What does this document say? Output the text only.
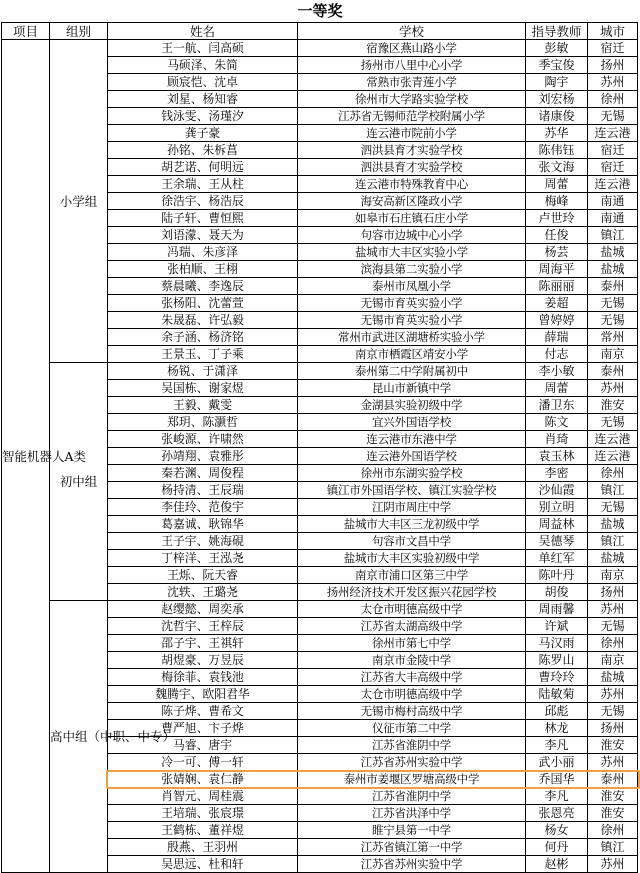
一等奖
项目	组别	姓名	学校	指导教师	城市
智能机器人A类	小学组	王一航、闫高硕	宿豫区燕山路小学	彭敏	宿迁
		马硕泽、朱简	扬州市八里中心小学	季宝俊	扬州
		顾宸恺、沈卓	常熟市张青莲小学	陶宇	苏州
		刘星、杨知睿	徐州市大学路实验学校	刘宏杨	徐州
		钱泳雯、汤瑾汐	江苏省无锡师范学校附属小学	诸康俊	无锡
		龚子豪	连云港市院前小学	苏华	连云港
		孙铭、朱柝菖	泗洪县育才实验学校	陈伟钰	宿迁
		胡艺诺、何明远	泗洪县育才实验学校	张文海	宿迁
		王余瑞、王从柱	连云港市特殊教育中心	周蕾	连云港
		徐浩宇、杨浩辰	海安高新区隆政小学	梅峰	南通
		陆子轩、曹恒熙	如皋市石庄镇石庄小学	卢世玲	南通
		刘语濛、聂天为	句容市边城中心小学	任俊	镇江
		冯瑞、朱彦泽	盐城市大丰区实验小学	杨芸	盐城
		张柏顺、王栩	滨海县第二实验小学	周海平	盐城
		蔡晨曦、李逸辰	泰州市凤凰小学	陈丽丽	泰州
		张杨阳、沈蕾萱	无锡市育英实验小学	姜超	无锡
		朱晟磊、许弘毅	无锡市育英实验小学	曾婷婷	无锡
		余子涵、杨济铭	常州市武进区湖塘桥实验小学	薛瑞	常州
		王景玉、丁子乘	南京市栖霞区靖安小学	付志	南京
	初中组	杨锐、于潇泽	泰州第二中学附属初中	李小敏	泰州
		吴国栋、谢家煜	昆山市新镇中学	周蕾	苏州
		王毅、戴雯	金湖县实验初级中学	潘卫东	淮安
		郑玥、陈灏哲	宜兴外国语学校	陈文	无锡
		张峻源、许啸然	连云港市东港中学	肖琦	连云港
		孙靖翔、袁雅彤	连云港外国语学校	袁玉林	连云港
		秦若渊、周俊程	徐州市东湖实验学校	李密	徐州
		杨持清、王辰瑞	镇江市外国语学校、镇江实验学校	沙仙霞	镇江
		李佳玲、范俊宇	江阴市周庄中学	别立明	无锡
		葛嘉诚、耿锦华	盐城市大丰区三龙初级中学	周益林	盐城
		王子宇、姚海硯	句容市文昌中学	吴德琴	镇江
		丁梓洋、王泓尧	盐城市大丰区实验初级中学	单红军	盐城
		王烁、阮天睿	南京市浦口区第三中学	陈叶丹	南京
		沈轶、王璐尧	扬州经济技术开发区振兴花园学校	胡俊	扬州
	高中组（中职、中专）	赵缨懿、周奕承	太仓市明德高级中学	周雨馨	苏州
		沈哲宇、王梓辰	江苏省太湖高级中学	许斌	无锡
		邵子宇、王祺轩	徐州市第七中学	马汉雨	徐州
		胡煜豪、万昱辰	南京市金陵中学	陈罗山	南京
		梅徐菲、袁钱池	江苏省大丰高级中学	曹玲玲	盐城
		魏腾宇、欧阳君华	太仓市明德高级中学	陆敏菊	苏州
		陈子烨、曹希文	无锡市梅村高级中学	邱彪	无锡
		曹严旭、卞子烨	仪征市第二中学	林龙	扬州
		马睿、唐宇	江苏省淮阴中学	李凡	淮安
		冷一可、傅一轩	江苏省苏州实验中学	武小丽	苏州
		张婧娴、袁仁静	泰州市姜堰区罗塘高级中学	乔国华	泰州
		肖智元、周桂震	江苏省淮阴中学	李凡	淮安
		王培瑞、张宸璟	江苏省洪泽中学	张恩亮	淮安
		王鹤栋、董祥煜	睢宁县第一中学	杨女	徐州
		殷燕、王羽州	江苏省镇江第一中学	何丹	镇江
		吴思远、杜和轩	江苏省苏州实验中学	赵彬	苏州
